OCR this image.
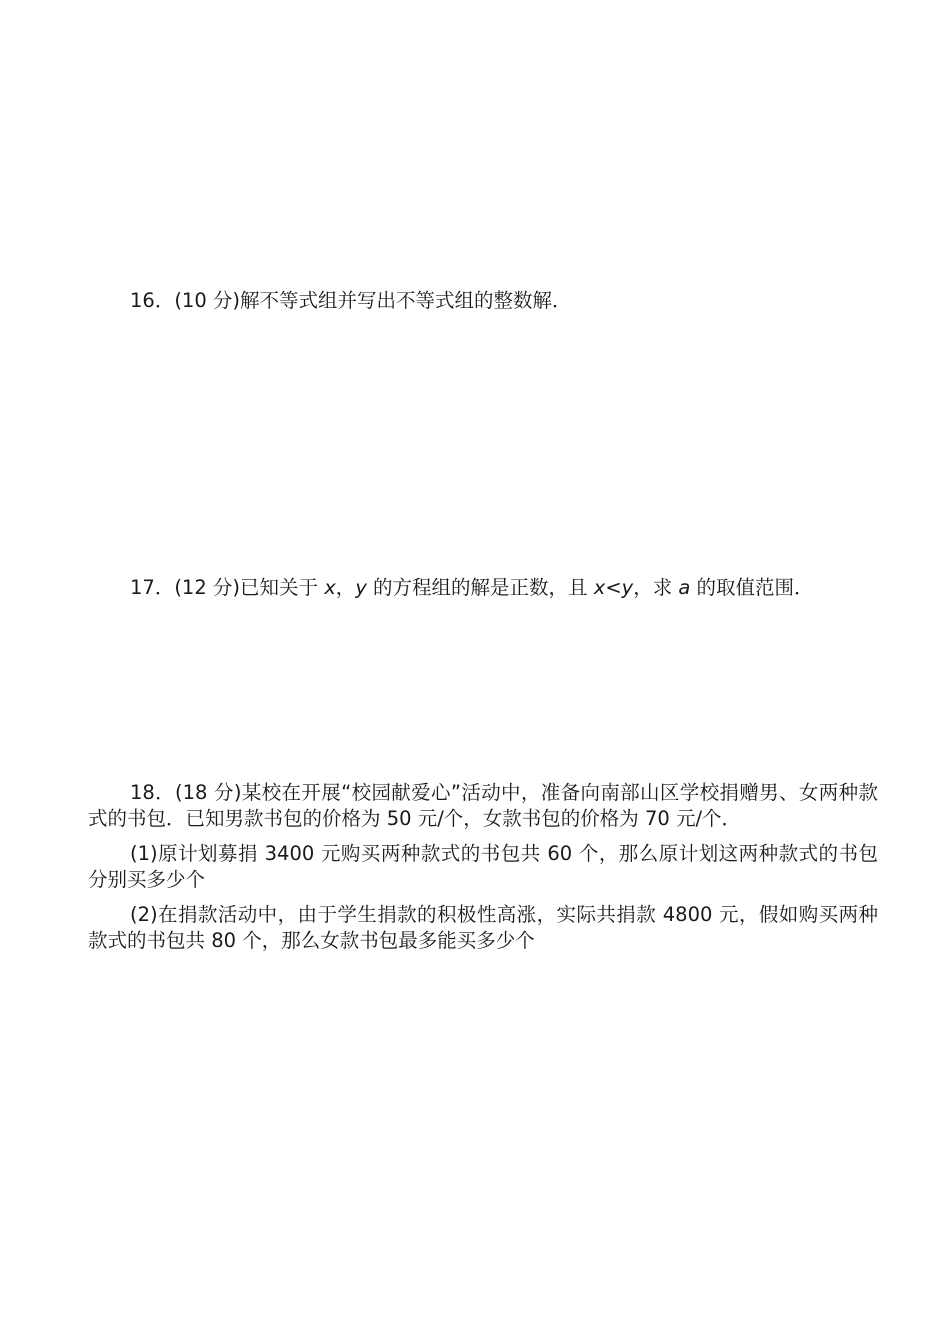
16．(10 分)解不等式组并写出不等式组的整数解．

17．(12 分)已知关于 x，y 的方程组的解是正数，且 x<y，求 a 的取值范围．

18．(18 分)某校在开展“校园献爱心”活动中，准备向南部山区学校捐赠男、女两种款式的书包．已知男款书包的价格为 50 元/个，女款书包的价格为 70 元/个．

(1)原计划募捐 3400 元购买两种款式的书包共 60 个，那么原计划这两种款式的书包分别买多少个

(2)在捐款活动中，由于学生捐款的积极性高涨，实际共捐款 4800 元，假如购买两种款式的书包共 80 个，那么女款书包最多能买多少个
